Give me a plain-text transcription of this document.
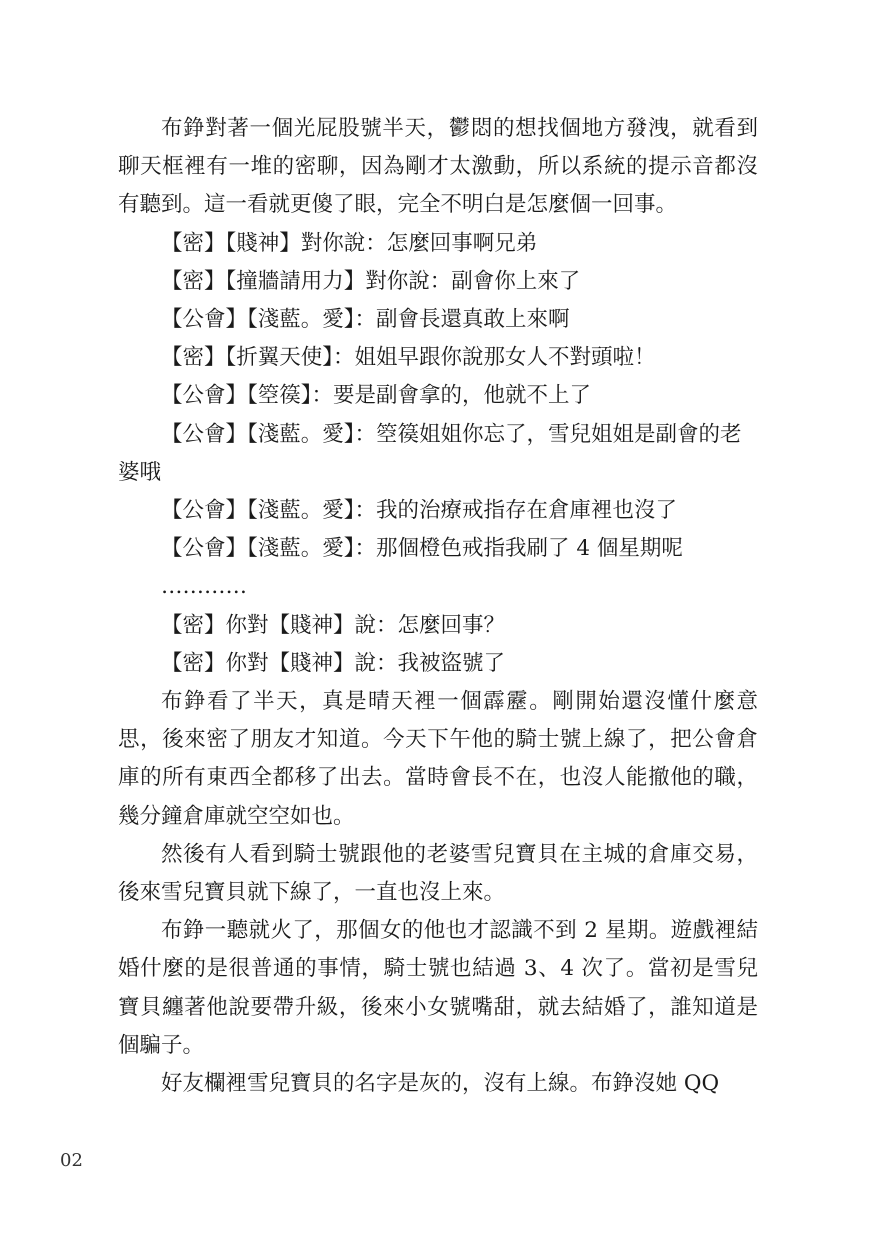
布錚對著一個光屁股號半天，鬱悶的想找個地方發洩，就看到聊天框裡有一堆的密聊，因為剛才太激動，所以系統的提示音都沒有聽到。這一看就更傻了眼，完全不明白是怎麼個一回事。

【密】【賤神】對你說：怎麼回事啊兄弟

【密】【撞牆請用力】對你說：副會你上來了

【公會】【淺藍。愛】：副會長還真敢上來啊

【密】【折翼天使】：姐姐早跟你說那女人不對頭啦！

【公會】【箜篌】：要是副會拿的，他就不上了

【公會】【淺藍。愛】：箜篌姐姐你忘了，雪兒姐姐是副會的老婆哦

【公會】【淺藍。愛】：我的治療戒指存在倉庫裡也沒了

【公會】【淺藍。愛】：那個橙色戒指我刷了 4 個星期呢

…………

【密】你對【賤神】說：怎麼回事？

【密】你對【賤神】說：我被盜號了

布錚看了半天，真是晴天裡一個霹靂。剛開始還沒懂什麼意思，後來密了朋友才知道。今天下午他的騎士號上線了，把公會倉庫的所有東西全都移了出去。當時會長不在，也沒人能撤他的職，幾分鐘倉庫就空空如也。

然後有人看到騎士號跟他的老婆雪兒寶貝在主城的倉庫交易，後來雪兒寶貝就下線了，一直也沒上來。

布錚一聽就火了，那個女的他也才認識不到 2 星期。遊戲裡結婚什麼的是很普通的事情，騎士號也結過 3、4 次了。當初是雪兒寶貝纏著他說要帶升級，後來小女號嘴甜，就去結婚了，誰知道是個騙子。

好友欄裡雪兒寶貝的名字是灰的，沒有上線。布錚沒她 QQ

02
